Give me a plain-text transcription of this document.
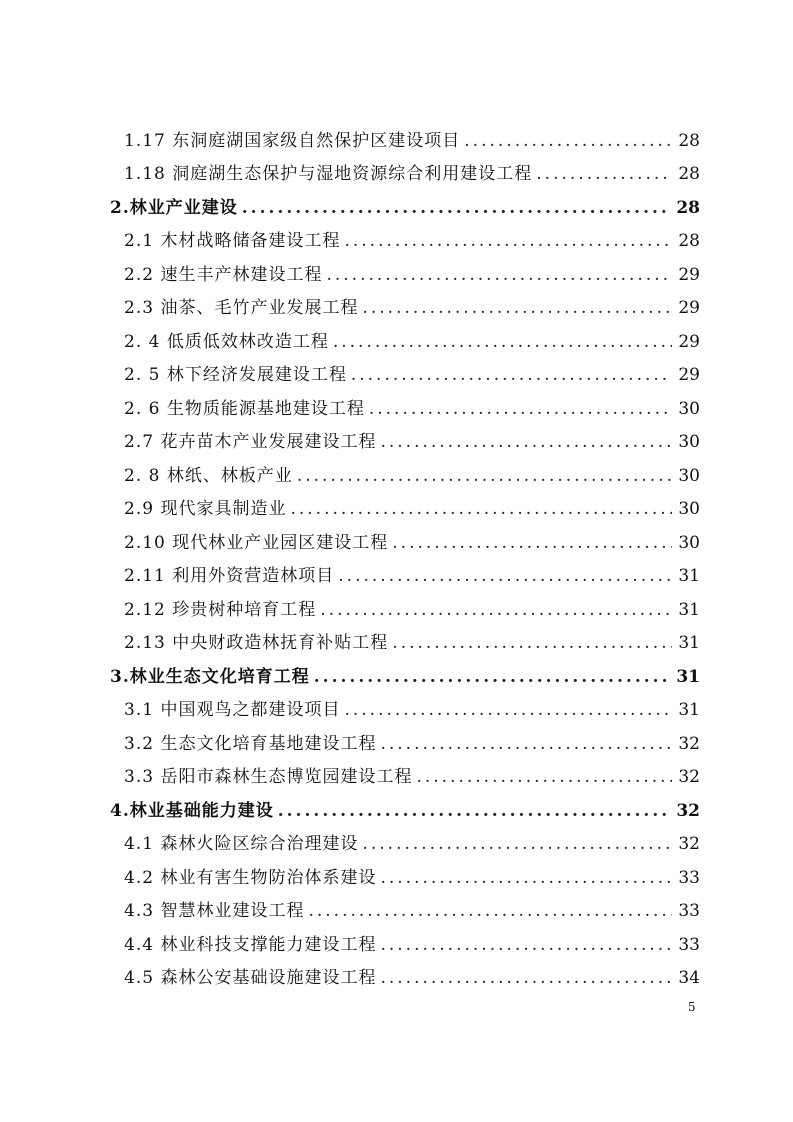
1.17 东洞庭湖国家级自然保护区建设项目 .....	28
1.18 洞庭湖生态保护与湿地资源综合利用建设工程 .....	28
2.林业产业建设 .....	28
2.1 木材战略储备建设工程 .....	28
2.2 速生丰产林建设工程 .....	29
2.3 油茶、毛竹产业发展工程 .....	29
2. 4 低质低效林改造工程 .....	29
2. 5 林下经济发展建设工程 .....	29
2. 6 生物质能源基地建设工程 .....	30
2.7 花卉苗木产业发展建设工程 .....	30
2. 8 林纸、林板产业 .....	30
2.9 现代家具制造业 .....	30
2.10 现代林业产业园区建设工程 .....	30
2.11 利用外资营造林项目 .....	31
2.12 珍贵树种培育工程 .....	31
2.13 中央财政造林抚育补贴工程 .....	31
3.林业生态文化培育工程 .....	31
3.1 中国观鸟之都建设项目 .....	31
3.2 生态文化培育基地建设工程 .....	32
3.3 岳阳市森林生态博览园建设工程 .....	32
4.林业基础能力建设 .....	32
4.1 森林火险区综合治理建设 .....	32
4.2 林业有害生物防治体系建设 .....	33
4.3 智慧林业建设工程 .....	33
4.4 林业科技支撑能力建设工程 .....	33
4.5 森林公安基础设施建设工程 .....	34
5
